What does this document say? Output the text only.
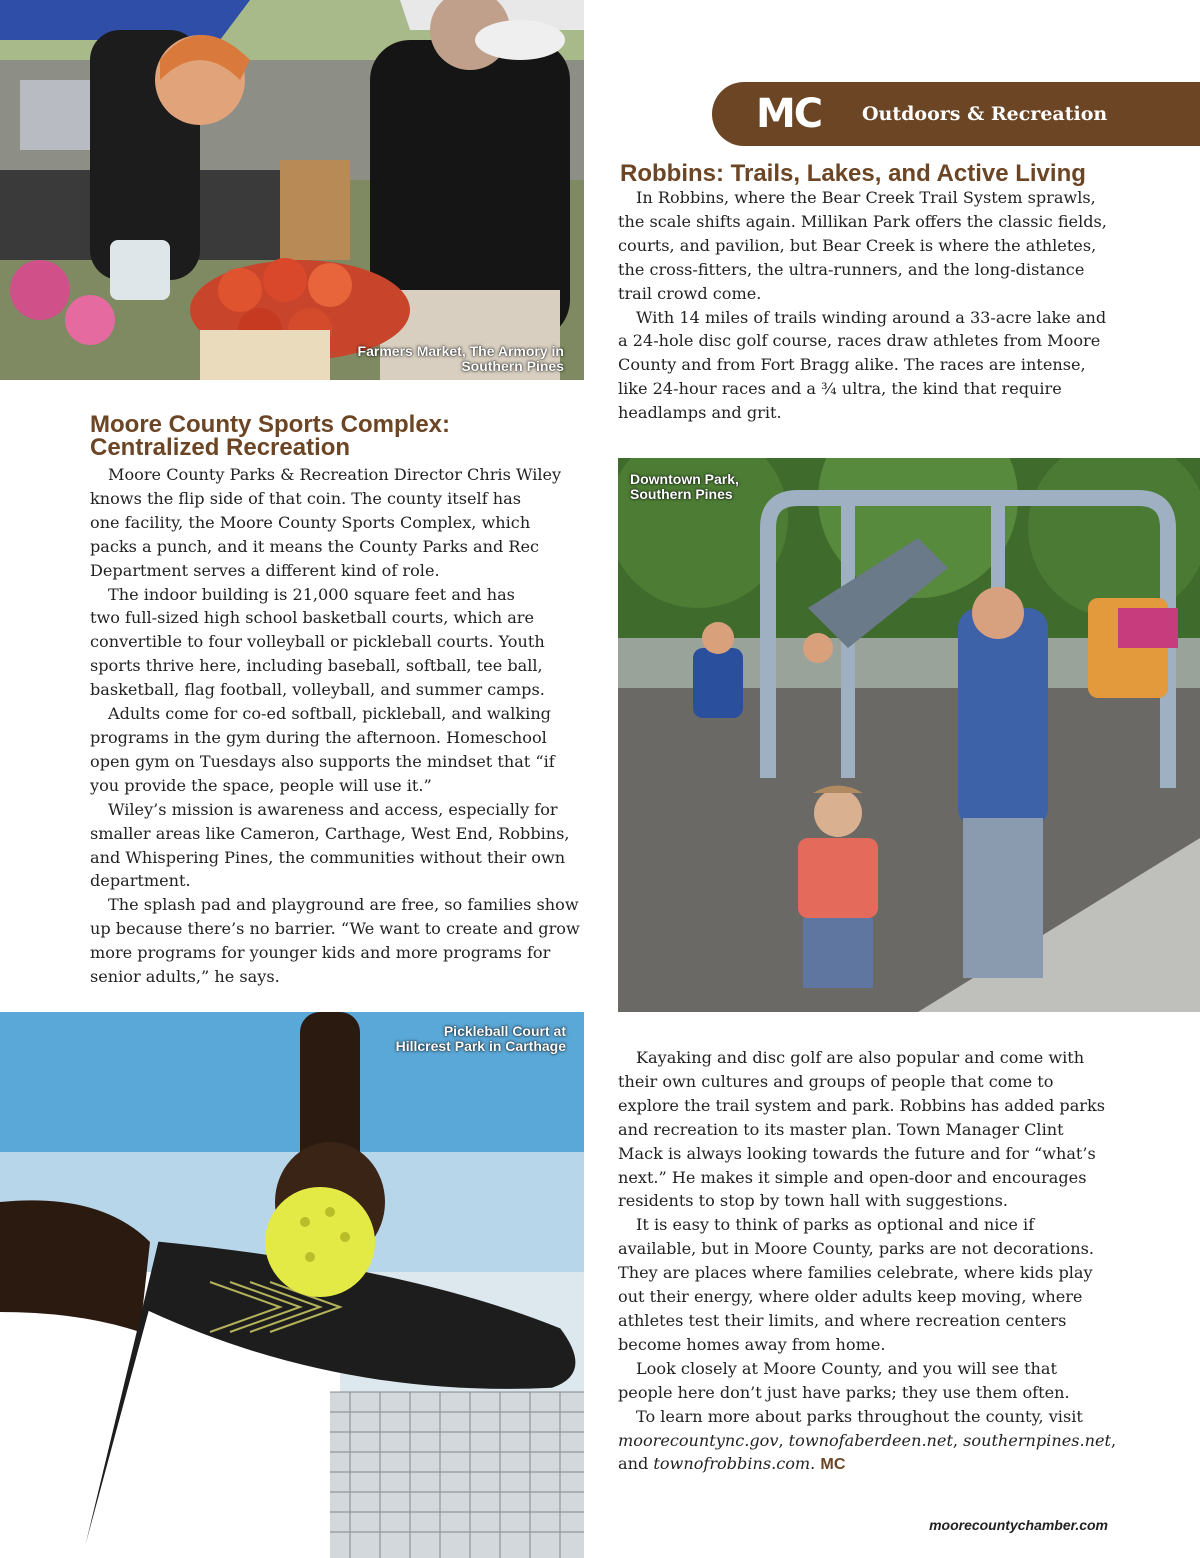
Farmers Market, The Armory in
Southern Pines
MC	Outdoors & Recreation
Robbins: Trails, Lakes, and Active Living
In Robbins, where the Bear Creek Trail System sprawls,
the scale shifts again. Millikan Park offers the classic fields,
courts, and pavilion, but Bear Creek is where the athletes,
the cross-fitters, the ultra-runners, and the long-distance
trail crowd come.
With 14 miles of trails winding around a 33-acre lake and
a 24-hole disc golf course, races draw athletes from Moore
County and from Fort Bragg alike. The races are intense,
like 24-hour races and a ¾ ultra, the kind that require
headlamps and grit.
Moore County Sports Complex:
Centralized Recreation
Moore County Parks & Recreation Director Chris Wiley
knows the flip side of that coin. The county itself has
one facility, the Moore County Sports Complex, which
packs a punch, and it means the County Parks and Rec
Department serves a different kind of role.
The indoor building is 21,000 square feet and has
two full-sized high school basketball courts, which are
convertible to four volleyball or pickleball courts. Youth
sports thrive here, including baseball, softball, tee ball,
basketball, flag football, volleyball, and summer camps.
Adults come for co-ed softball, pickleball, and walking
programs in the gym during the afternoon. Homeschool
open gym on Tuesdays also supports the mindset that “if
you provide the space, people will use it.”
Wiley’s mission is awareness and access, especially for
smaller areas like Cameron, Carthage, West End, Robbins,
and Whispering Pines, the communities without their own
department.
The splash pad and playground are free, so families show
up because there’s no barrier. “We want to create and grow
more programs for younger kids and more programs for
senior adults,” he says.
Downtown Park,
Southern Pines
Pickleball Court at
Hillcrest Park in Carthage
Kayaking and disc golf are also popular and come with
their own cultures and groups of people that come to
explore the trail system and park. Robbins has added parks
and recreation to its master plan. Town Manager Clint
Mack is always looking towards the future and for “what’s
next.” He makes it simple and open-door and encourages
residents to stop by town hall with suggestions.
It is easy to think of parks as optional and nice if
available, but in Moore County, parks are not decorations.
They are places where families celebrate, where kids play
out their energy, where older adults keep moving, where
athletes test their limits, and where recreation centers
become homes away from home.
Look closely at Moore County, and you will see that
people here don’t just have parks; they use them often.
To learn more about parks throughout the county, visit
moorecountync.gov, townofaberdeen.net, southernpines.net,
and townofrobbins.com. MC
moorecountychamber.com
